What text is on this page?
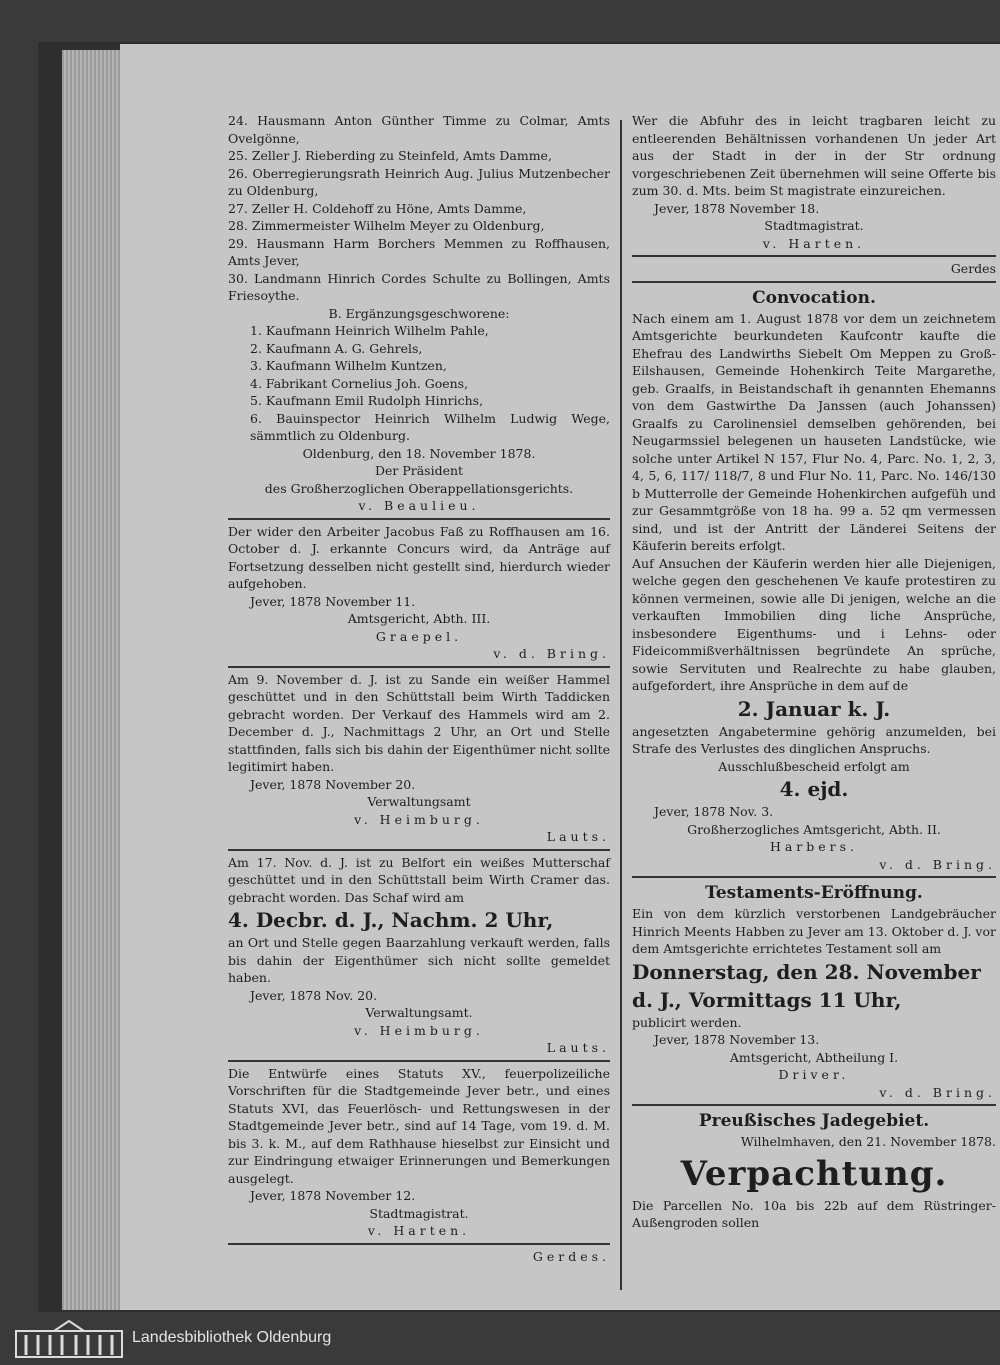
24. Hausmann Anton Günther Timme zu Colmar, Amts Ovelgönne,

25. Zeller J. Rieberding zu Steinfeld, Amts Damme,

26. Oberregierungsrath Heinrich Aug. Julius Mutzenbecher zu Oldenburg,

27. Zeller H. Coldehoff zu Höne, Amts Damme,

28. Zimmermeister Wilhelm Meyer zu Oldenburg,

29. Hausmann Harm Borchers Memmen zu Roffhausen, Amts Jever,

30. Landmann Hinrich Cordes Schulte zu Bollingen, Amts Friesoythe.

B. Ergänzungsgeschworene:

1. Kaufmann Heinrich Wilhelm Pahle,

2. Kaufmann A. G. Gehrels,

3. Kaufmann Wilhelm Kuntzen,

4. Fabrikant Cornelius Joh. Goens,

5. Kaufmann Emil Rudolph Hinrichs,

6. Bauinspector Heinrich Wilhelm Ludwig Wege, sämmtlich zu Oldenburg.

Oldenburg, den 18. November 1878.
Der Präsident
des Großherzoglichen Oberappellationsgerichts.
v. Beaulieu.

Der wider den Arbeiter Jacobus Faß zu Roffhausen am 16. October d. J. erkannte Concurs wird, da Anträge auf Fortsetzung desselben nicht gestellt sind, hierdurch wieder aufgehoben.

Jever, 1878 November 11.
Amtsgericht, Abth. III.
Graepel.
v. d. Bring.

Am 9. November d. J. ist zu Sande ein weißer Hammel geschüttet und in den Schüttstall beim Wirth Taddicken gebracht worden. Der Verkauf des Hammels wird am 2. December d. J., Nachmittags 2 Uhr, an Ort und Stelle stattfinden, falls sich bis dahin der Eigenthümer nicht sollte legitimirt haben.

Jever, 1878 November 20.
Verwaltungsamt
v. Heimburg.
Lauts.

Am 17. Nov. d. J. ist zu Belfort ein weißes Mutterschaf geschüttet und in den Schüttstall beim Wirth Cramer das. gebracht worden. Das Schaf wird am

4. Decbr. d. J., Nachm. 2 Uhr,

an Ort und Stelle gegen Baarzahlung verkauft werden, falls bis dahin der Eigenthümer sich nicht sollte gemeldet haben.

Jever, 1878 Nov. 20.
Verwaltungsamt.
v. Heimburg.
Lauts.

Die Entwürfe eines Statuts XV., feuerpolizeiliche Vorschriften für die Stadtgemeinde Jever betr., und eines Statuts XVI, das Feuerlösch- und Rettungswesen in der Stadtgemeinde Jever betr., sind auf 14 Tage, vom 19. d. M. bis 3. k. M., auf dem Rathhause hieselbst zur Einsicht und zur Eindringung etwaiger Erinnerungen und Bemerkungen ausgelegt.

Jever, 1878 November 12.
Stadtmagistrat.
v. Harten.
Gerdes.

Wer die Abfuhr des in leicht tragbaren leicht zu entleerenden Behältnissen vorhandenen Un jeder Art aus der Stadt in der in der Str ordnung vorgeschriebenen Zeit übernehmen will seine Offerte bis zum 30. d. Mts. beim St magistrate einzureichen.

Jever, 1878 November 18.
Stadtmagistrat.
v. Harten.
Gerdes
Convocation.

Nach einem am 1. August 1878 vor dem un zeichnetem Amtsgerichte beurkundeten Kaufcontr kaufte die Ehefrau des Landwirths Siebelt Om Meppen zu Groß-Eilshausen, Gemeinde Hohenkirch Teite Margarethe, geb. Graalfs, in Beistandschaft ih genannten Ehemanns von dem Gastwirthe Da Janssen (auch Johanssen) Graalfs zu Carolinensiel demselben gehörenden, bei Neugarmssiel belegenen un hauseten Landstücke, wie solche unter Artikel N 157, Flur No. 4, Parc. No. 1, 2, 3, 4, 5, 6, 117/ 118/7, 8 und Flur No. 11, Parc. No. 146/130 b Mutterrolle der Gemeinde Hohenkirchen aufgefüh und zur Gesammtgröße von 18 ha. 99 a. 52 qm vermessen sind, und ist der Antritt der Länderei Seitens der Käuferin bereits erfolgt.

Auf Ansuchen der Käuferin werden hier alle Diejenigen, welche gegen den geschehenen Ve kaufe protestiren zu können vermeinen, sowie alle Di jenigen, welche an die verkauften Immobilien ding liche Ansprüche, insbesondere Eigenthums- und i Lehns- oder Fideicommißverhältnissen begründete An sprüche, sowie Servituten und Realrechte zu habe glauben, aufgefordert, ihre Ansprüche in dem auf de

2. Januar k. J.

angesetzten Angabetermine gehörig anzumelden, bei Strafe des Verlustes des dinglichen Anspruchs.

Ausschlußbescheid erfolgt am
4. ejd.
Jever, 1878 Nov. 3.
Großherzogliches Amtsgericht, Abth. II.
Harbers.
v. d. Bring.
Testaments-Eröffnung.

Ein von dem kürzlich verstorbenen Landgebräucher Hinrich Meents Habben zu Jever am 13. Oktober d. J. vor dem Amtsgerichte errichtetes Testament soll am

Donnerstag, den 28. November d. J., Vormittags 11 Uhr,
publicirt werden.
Jever, 1878 November 13.
Amtsgericht, Abtheilung I.
Driver.
v. d. Bring.
Preußisches Jadegebiet.
Wilhelmhaven, den 21. November 1878.
Verpachtung.

Die Parcellen No. 10a bis 22b auf dem Rüstringer-Außengroden sollen

Landesbibliothek Oldenburg
